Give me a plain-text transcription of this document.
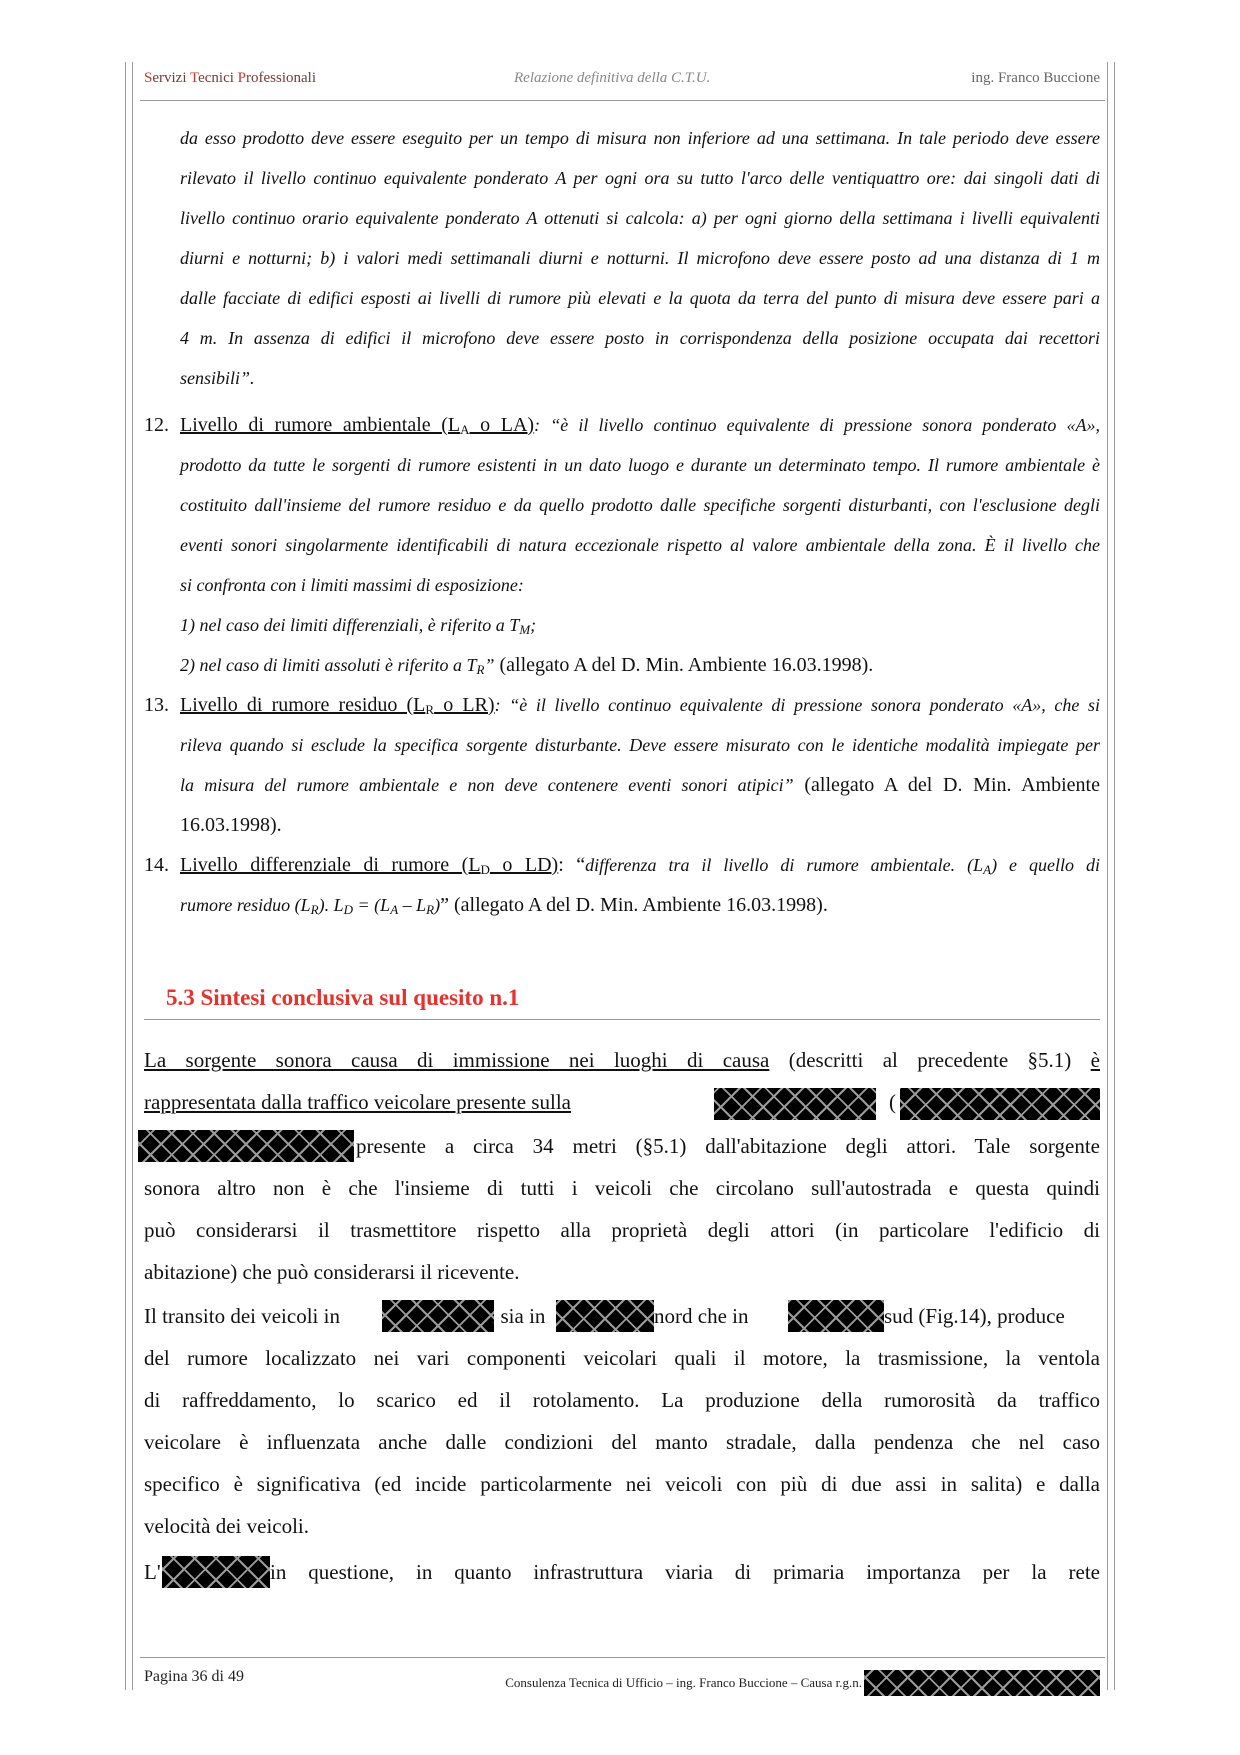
Servizi Tecnici Professionali	Relazione definitiva della C.T.U.	ing. Franco Buccione
da esso prodotto deve essere eseguito per un tempo di misura non inferiore ad una settimana. In tale periodo deve essere
rilevato il livello continuo equivalente ponderato A per ogni ora su tutto l'arco delle ventiquattro ore: dai singoli dati di
livello continuo orario equivalente ponderato A ottenuti si calcola: a) per ogni giorno della settimana i livelli equivalenti
diurni e notturni; b) i valori medi settimanali diurni e notturni. Il microfono deve essere posto ad una distanza di 1 m
dalle facciate di edifici esposti ai livelli di rumore più elevati e la quota da terra del punto di misura deve essere pari a
4 m. In assenza di edifici il microfono deve essere posto in corrispondenza della posizione occupata dai recettori
sensibili”.
12. Livello di rumore ambientale ($L_A$ o LA): “è il livello continuo equivalente di pressione sonora ponderato «A»,
prodotto da tutte le sorgenti di rumore esistenti in un dato luogo e durante un determinato tempo. Il rumore ambientale è
costituito dall'insieme del rumore residuo e da quello prodotto dalle specifiche sorgenti disturbanti, con l'esclusione degli
eventi sonori singolarmente identificabili di natura eccezionale rispetto al valore ambientale della zona. È il livello che
si confronta con i limiti massimi di esposizione:
1) nel caso dei limiti differenziali, è riferito a $T_M$;
2) nel caso di limiti assoluti è riferito a $T_R$” (allegato A del D. Min. Ambiente 16.03.1998).
13. Livello di rumore residuo ($L_R$ o LR): “è il livello continuo equivalente di pressione sonora ponderato «A», che si
rileva quando si esclude la specifica sorgente disturbante. Deve essere misurato con le identiche modalità impiegate per
la misura del rumore ambientale e non deve contenere eventi sonori atipici” (allegato A del D. Min. Ambiente
16.03.1998).
14. Livello differenziale di rumore ($L_D$ o LD): “differenza tra il livello di rumore ambientale. $(L_A)$ e quello di
rumore residuo $(L_R)$. $L_D = (L_A - L_R)$” (allegato A del D. Min. Ambiente 16.03.1998).
5.3 Sintesi conclusiva sul quesito n.1
La sorgente sonora causa di immissione nei luoghi di causa (descritti al precedente §5.1) è
rappresentata dalla traffico veicolare presente sulla	(
presente a circa 34 metri (§5.1) dall'abitazione degli attori. Tale sorgente
sonora altro non è che l'insieme di tutti i veicoli che circolano sull'autostrada e questa quindi
può considerarsi il trasmettitore rispetto alla proprietà degli attori (in particolare l'edificio di
abitazione) che può considerarsi il ricevente.
Il transito dei veicoli in	, sia in	nord che in	sud (Fig.14), produce
del rumore localizzato nei vari componenti veicolari quali il motore, la trasmissione, la ventola
di raffreddamento, lo scarico ed il rotolamento. La produzione della rumorosità da traffico
veicolare è influenzata anche dalle condizioni del manto stradale, dalla pendenza che nel caso
specifico è significativa (ed incide particolarmente nei veicoli con più di due assi in salita) e dalla
velocità dei veicoli.
L'	in questione, in quanto infrastruttura viaria di primaria importanza per la rete
Pagina 36 di 49	Consulenza Tecnica di Ufficio – ing. Franco Buccione – Causa r.g.n.
